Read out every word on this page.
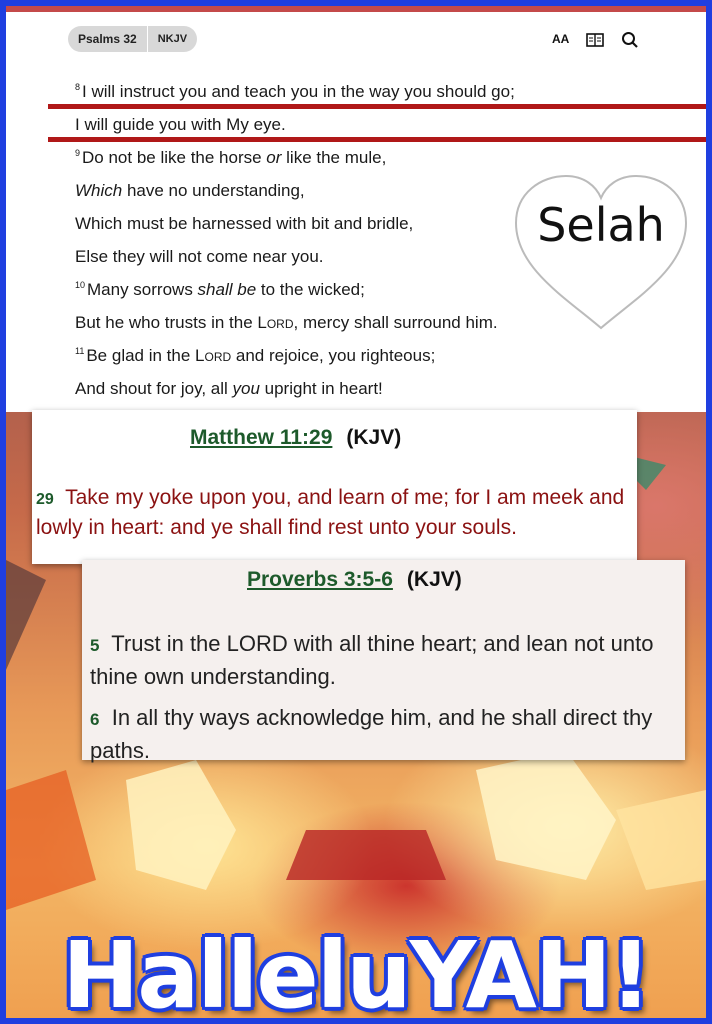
Psalms 32	NKJV	AA
$^8$ I will instruct you and teach you in the way you should go;
I will guide you with My eye.
$^9$ Do not be like the horse or like the mule,
Which have no understanding,
Which must be harnessed with bit and bridle,
Else they will not come near you.
$^{10}$ Many sorrows shall be to the wicked;
But he who trusts in the Lord, mercy shall surround him.
$^{11}$ Be glad in the Lord and rejoice, you righteous;
And shout for joy, all you upright in heart!
Selah
Matthew 11:29 (KJV)
29 Take my yoke upon you, and learn of me; for I am meek and lowly in heart: and ye shall find rest unto your souls.
Proverbs 3:5-6 (KJV)
5 Trust in the LORD with all thine heart; and lean not unto thine own understanding.
6 In all thy ways acknowledge him, and he shall direct thy paths.
HalleluYAH!
